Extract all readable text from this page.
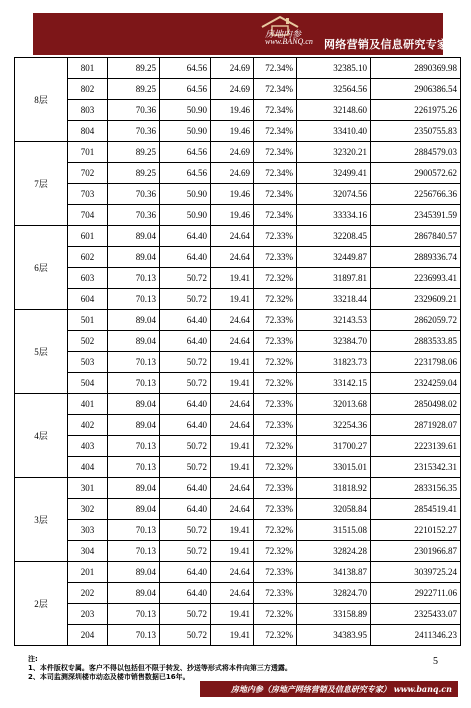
房地内参
www.BANQ.cn 网络营销及信息研究专家
8层	801	89.25	64.56	24.69	72.34%	32385.10	2890369.98
	802	89.25	64.56	24.69	72.34%	32564.56	2906386.54
	803	70.36	50.90	19.46	72.34%	32148.60	2261975.26
	804	70.36	50.90	19.46	72.34%	33410.40	2350755.83
7层	701	89.25	64.56	24.69	72.34%	32320.21	2884579.03
	702	89.25	64.56	24.69	72.34%	32499.41	2900572.62
	703	70.36	50.90	19.46	72.34%	32074.56	2256766.36
	704	70.36	50.90	19.46	72.34%	33334.16	2345391.59
6层	601	89.04	64.40	24.64	72.33%	32208.45	2867840.57
	602	89.04	64.40	24.64	72.33%	32449.87	2889336.74
	603	70.13	50.72	19.41	72.32%	31897.81	2236993.41
	604	70.13	50.72	19.41	72.32%	33218.44	2329609.21
5层	501	89.04	64.40	24.64	72.33%	32143.53	2862059.72
	502	89.04	64.40	24.64	72.33%	32384.70	2883533.85
	503	70.13	50.72	19.41	72.32%	31823.73	2231798.06
	504	70.13	50.72	19.41	72.32%	33142.15	2324259.04
4层	401	89.04	64.40	24.64	72.33%	32013.68	2850498.02
	402	89.04	64.40	24.64	72.33%	32254.36	2871928.07
	403	70.13	50.72	19.41	72.32%	31700.27	2223139.61
	404	70.13	50.72	19.41	72.32%	33015.01	2315342.31
3层	301	89.04	64.40	24.64	72.33%	31818.92	2833156.35
	302	89.04	64.40	24.64	72.33%	32058.84	2854519.41
	303	70.13	50.72	19.41	72.32%	31515.08	2210152.27
	304	70.13	50.72	19.41	72.32%	32824.28	2301966.87
2层	201	89.04	64.40	24.64	72.33%	34138.87	3039725.24
	202	89.04	64.40	24.64	72.33%	32824.70	2922711.06
	203	70.13	50.72	19.41	72.32%	33158.89	2325433.07
	204	70.13	50.72	19.41	72.32%	34383.95	2411346.23
注:
1、本件版权专属。客户不得以包括但不限于转发、抄送等形式将本件向第三方透露。
2、本司监测深圳楼市动态及楼市销售数据已16年。
5
房地内参（房地产网络营销及信息研究专家） www.banq.cn
